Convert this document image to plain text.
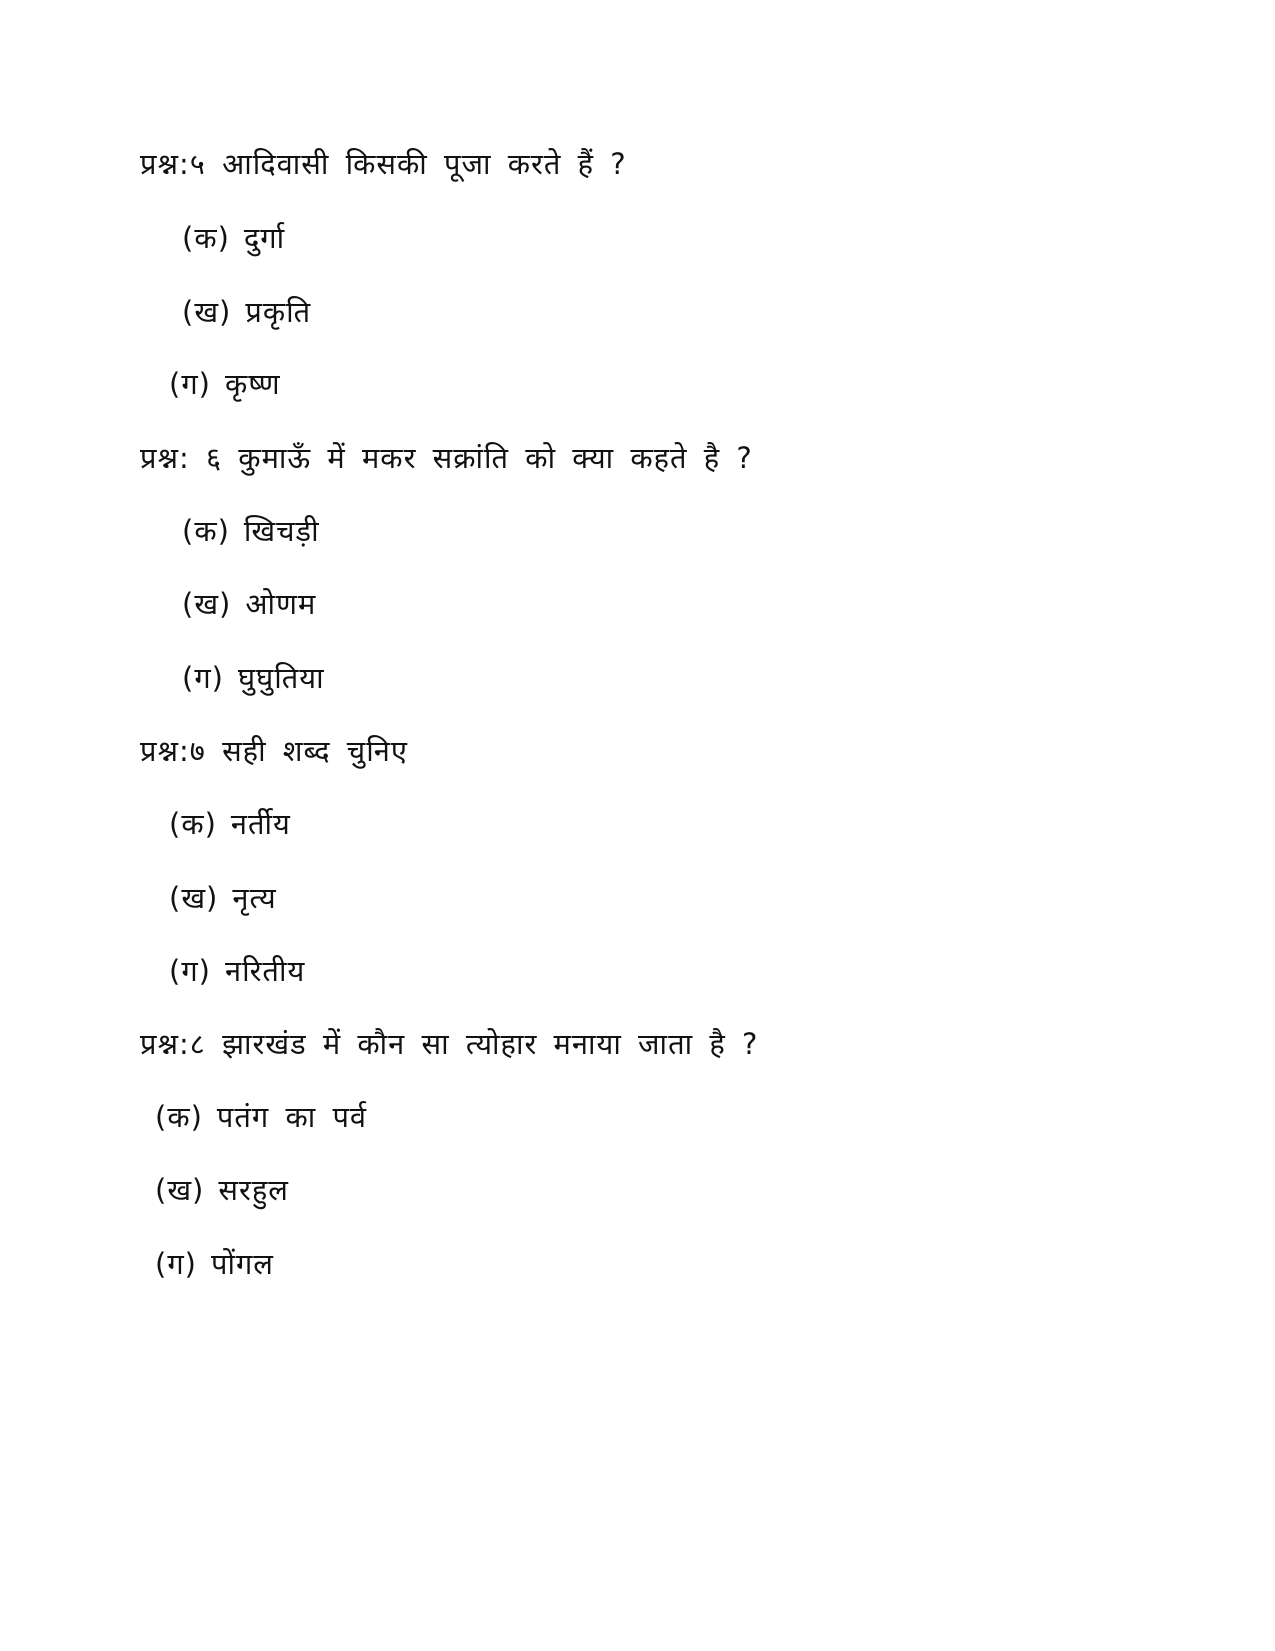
प्रश्न:५ आदिवासी किसकी पूजा करते हैं ?
(क) दुर्गा
(ख) प्रकृति
(ग) कृष्ण
प्रश्न: ६ कुमाऊँ में मकर सक्रांति को क्या कहते है ?
(क) खिचड़ी
(ख) ओणम
(ग) घुघुतिया
प्रश्न:७ सही शब्द चुनिए
(क) नर्तीय
(ख) नृत्य
(ग) नरितीय
प्रश्न:८ झारखंड में कौन सा त्योहार मनाया जाता है ?
(क) पतंग का पर्व
(ख) सरहुल
(ग) पोंगल
